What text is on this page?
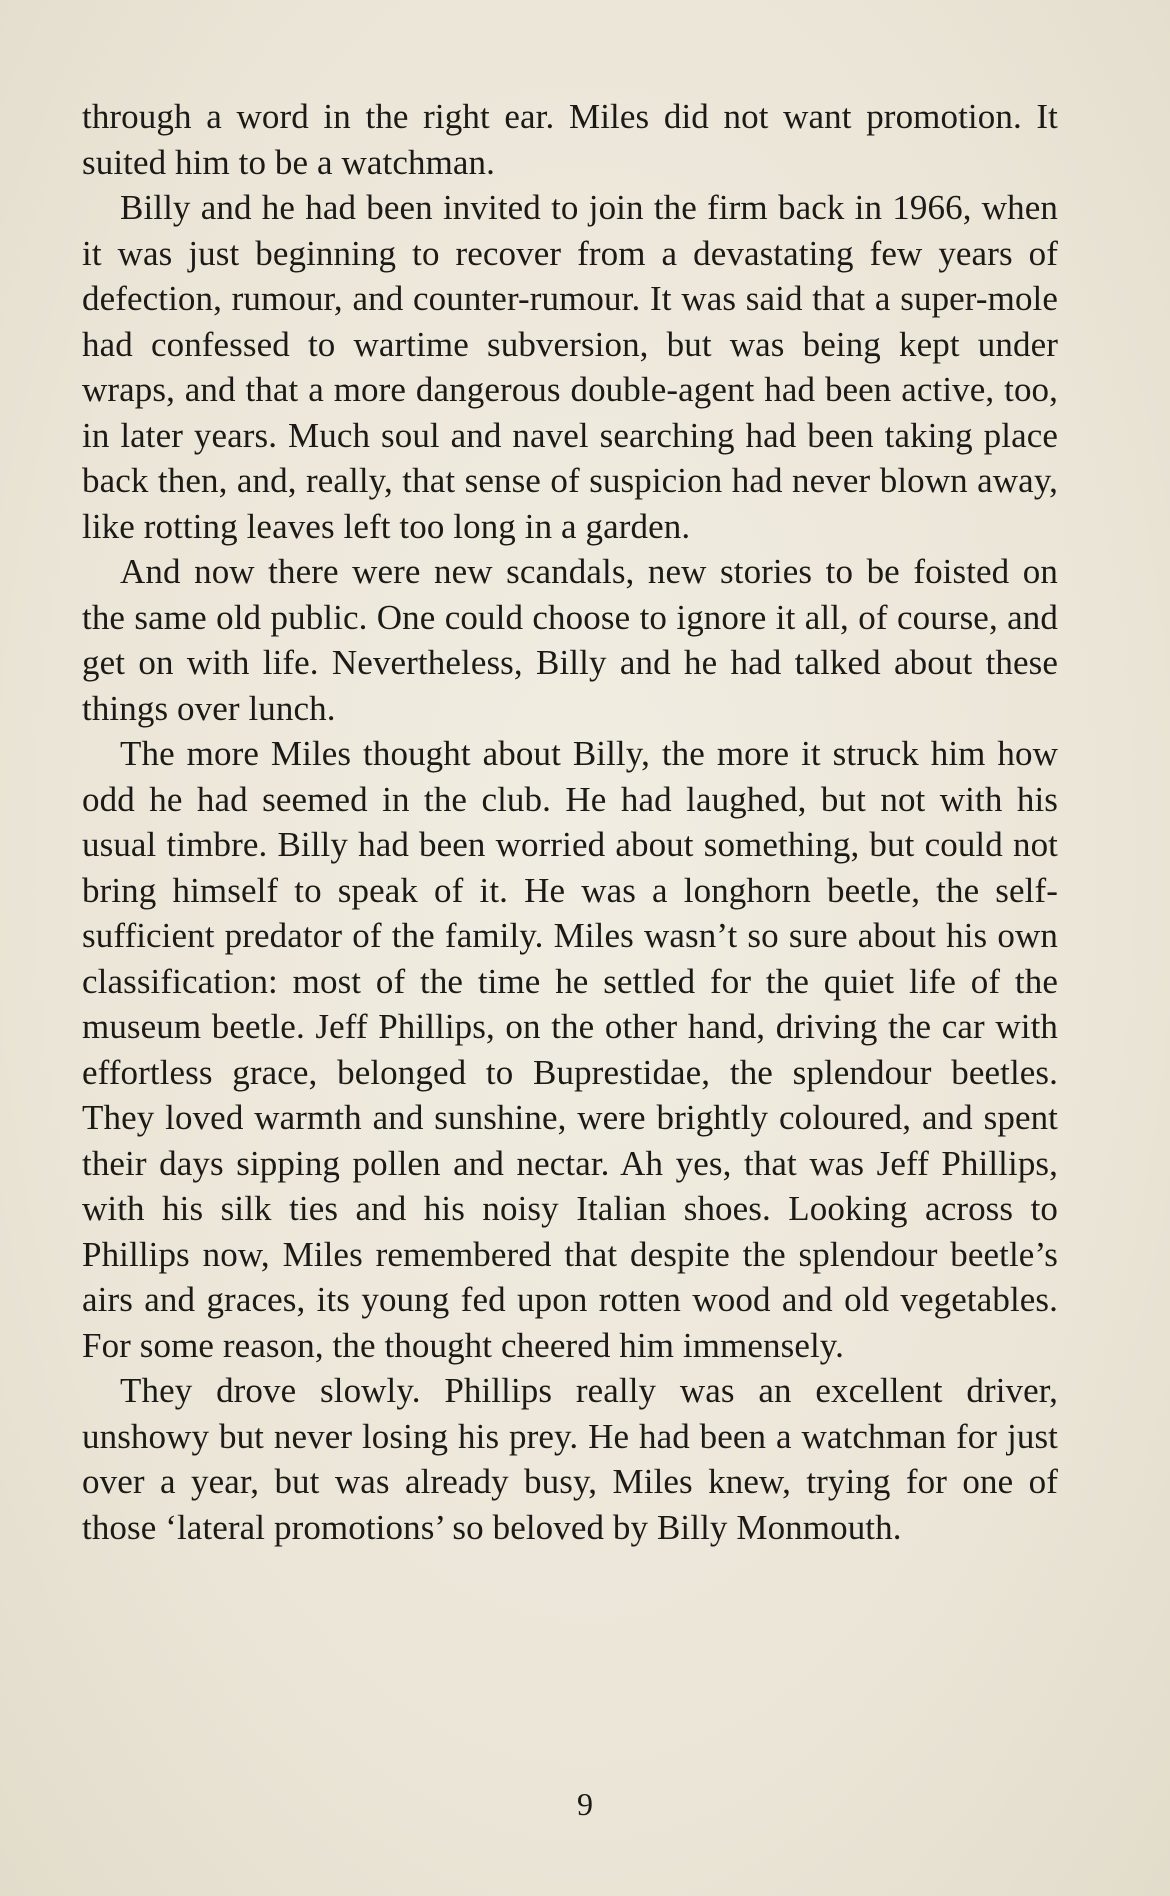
through a word in the right ear. Miles did not want promotion. It suited him to be a watchman.

Billy and he had been invited to join the firm back in 1966, when it was just beginning to recover from a devastating few years of defection, rumour, and counter-rumour. It was said that a super-mole had confessed to wartime subversion, but was being kept under wraps, and that a more dangerous double-agent had been active, too, in later years. Much soul and navel searching had been taking place back then, and, really, that sense of suspicion had never blown away, like rotting leaves left too long in a garden.

And now there were new scandals, new stories to be foisted on the same old public. One could choose to ignore it all, of course, and get on with life. Nevertheless, Billy and he had talked about these things over lunch.

The more Miles thought about Billy, the more it struck him how odd he had seemed in the club. He had laughed, but not with his usual timbre. Billy had been worried about something, but could not bring himself to speak of it. He was a longhorn beetle, the self-sufficient predator of the family. Miles wasn’t so sure about his own classification: most of the time he settled for the quiet life of the museum beetle. Jeff Phillips, on the other hand, driving the car with effortless grace, belonged to Buprestidae, the splendour beetles. They loved warmth and sunshine, were brightly coloured, and spent their days sipping pollen and nectar. Ah yes, that was Jeff Phillips, with his silk ties and his noisy Italian shoes. Looking across to Phillips now, Miles remembered that despite the splendour beetle’s airs and graces, its young fed upon rotten wood and old vegetables. For some reason, the thought cheered him immensely.

They drove slowly. Phillips really was an excellent driver, unshowy but never losing his prey. He had been a watchman for just over a year, but was already busy, Miles knew, trying for one of those ‘lateral promotions’ so beloved by Billy Monmouth.

9
